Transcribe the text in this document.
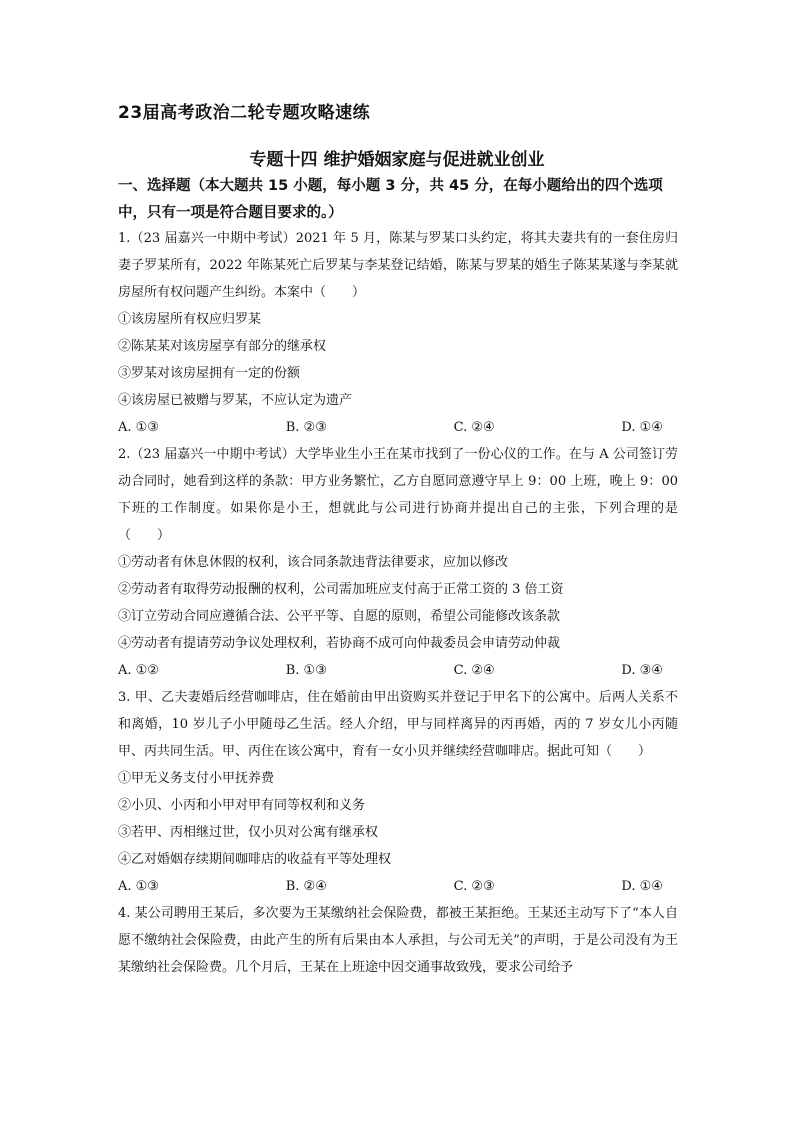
23届高考政治二轮专题攻略速练
专题十四 维护婚姻家庭与促进就业创业
一、选择题（本大题共 15 小题，每小题 3 分，共 45 分，在每小题给出的四个选项中，只有一项是符合题目要求的。）
1.（23 届嘉兴一中期中考试）2021 年 5 月，陈某与罗某口头约定，将其夫妻共有的一套住房归妻子罗某所有，2022 年陈某死亡后罗某与李某登记结婚，陈某与罗某的婚生子陈某某遂与李某就房屋所有权问题产生纠纷。本案中（　　）
①该房屋所有权应归罗某
②陈某某对该房屋享有部分的继承权
③罗某对该房屋拥有一定的份额
④该房屋已被赠与罗某，不应认定为遗产
A. ①③	B. ②③	C. ②④	D. ①④
2.（23 届嘉兴一中期中考试）大学毕业生小王在某市找到了一份心仪的工作。在与 A 公司签订劳动合同时，她看到这样的条款：甲方业务繁忙，乙方自愿同意遵守早上 9：00 上班，晚上 9：00 下班的工作制度。如果你是小王，想就此与公司进行协商并提出自己的主张，下列合理的是（　　）
①劳动者有休息休假的权利，该合同条款违背法律要求，应加以修改
②劳动者有取得劳动报酬的权利，公司需加班应支付高于正常工资的 3 倍工资
③订立劳动合同应遵循合法、公平平等、自愿的原则，希望公司能修改该条款
④劳动者有提请劳动争议处理权利，若协商不成可向仲裁委员会申请劳动仲裁
A. ①②	B. ①③	C. ②④	D. ③④
3. 甲、乙夫妻婚后经营咖啡店，住在婚前由甲出资购买并登记于甲名下的公寓中。后两人关系不和离婚，10 岁儿子小甲随母乙生活。经人介绍，甲与同样离异的丙再婚，丙的 7 岁女儿小丙随甲、丙共同生活。甲、丙住在该公寓中，育有一女小贝并继续经营咖啡店。据此可知（　　）
①甲无义务支付小甲抚养费
②小贝、小丙和小甲对甲有同等权利和义务
③若甲、丙相继过世，仅小贝对公寓有继承权
④乙对婚姻存续期间咖啡店的收益有平等处理权
A. ①③	B. ②④	C. ②③	D. ①④
4. 某公司聘用王某后，多次要为王某缴纳社会保险费，都被王某拒绝。王某还主动写下了“本人自愿不缴纳社会保险费，由此产生的所有后果由本人承担，与公司无关”的声明，于是公司没有为王某缴纳社会保险费。几个月后，王某在上班途中因交通事故致残，要求公司给予
